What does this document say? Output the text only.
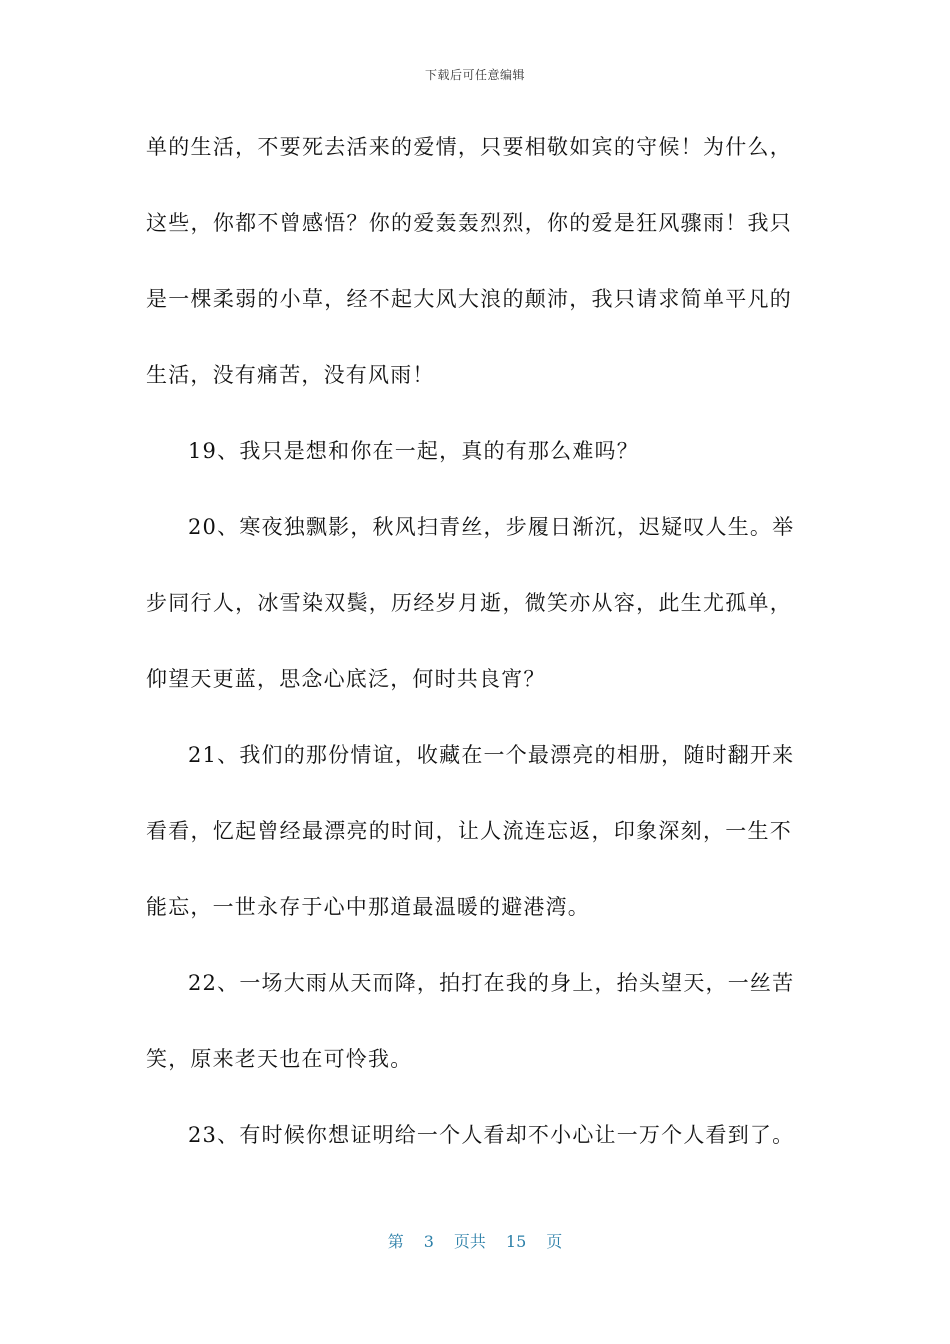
下载后可任意编辑
单的生活，不要死去活来的爱情，只要相敬如宾的守候！为什么，
这些，你都不曾感悟？你的爱轰轰烈烈，你的爱是狂风骤雨！我只
是一棵柔弱的小草，经不起大风大浪的颠沛，我只请求简单平凡的
生活，没有痛苦，没有风雨！
19、我只是想和你在一起，真的有那么难吗？
20、寒夜独飘影，秋风扫青丝，步履日渐沉，迟疑叹人生。举
步同行人，冰雪染双鬓，历经岁月逝，微笑亦从容，此生尤孤单，
仰望天更蓝，思念心底泛，何时共良宵？
21、我们的那份情谊，收藏在一个最漂亮的相册，随时翻开来
看看，忆起曾经最漂亮的时间，让人流连忘返，印象深刻，一生不
能忘，一世永存于心中那道最温暖的避港湾。
22、一场大雨从天而降，拍打在我的身上，抬头望天，一丝苦
笑，原来老天也在可怜我。
23、有时候你想证明给一个人看却不小心让一万个人看到了。
第 3 页共 15 页
